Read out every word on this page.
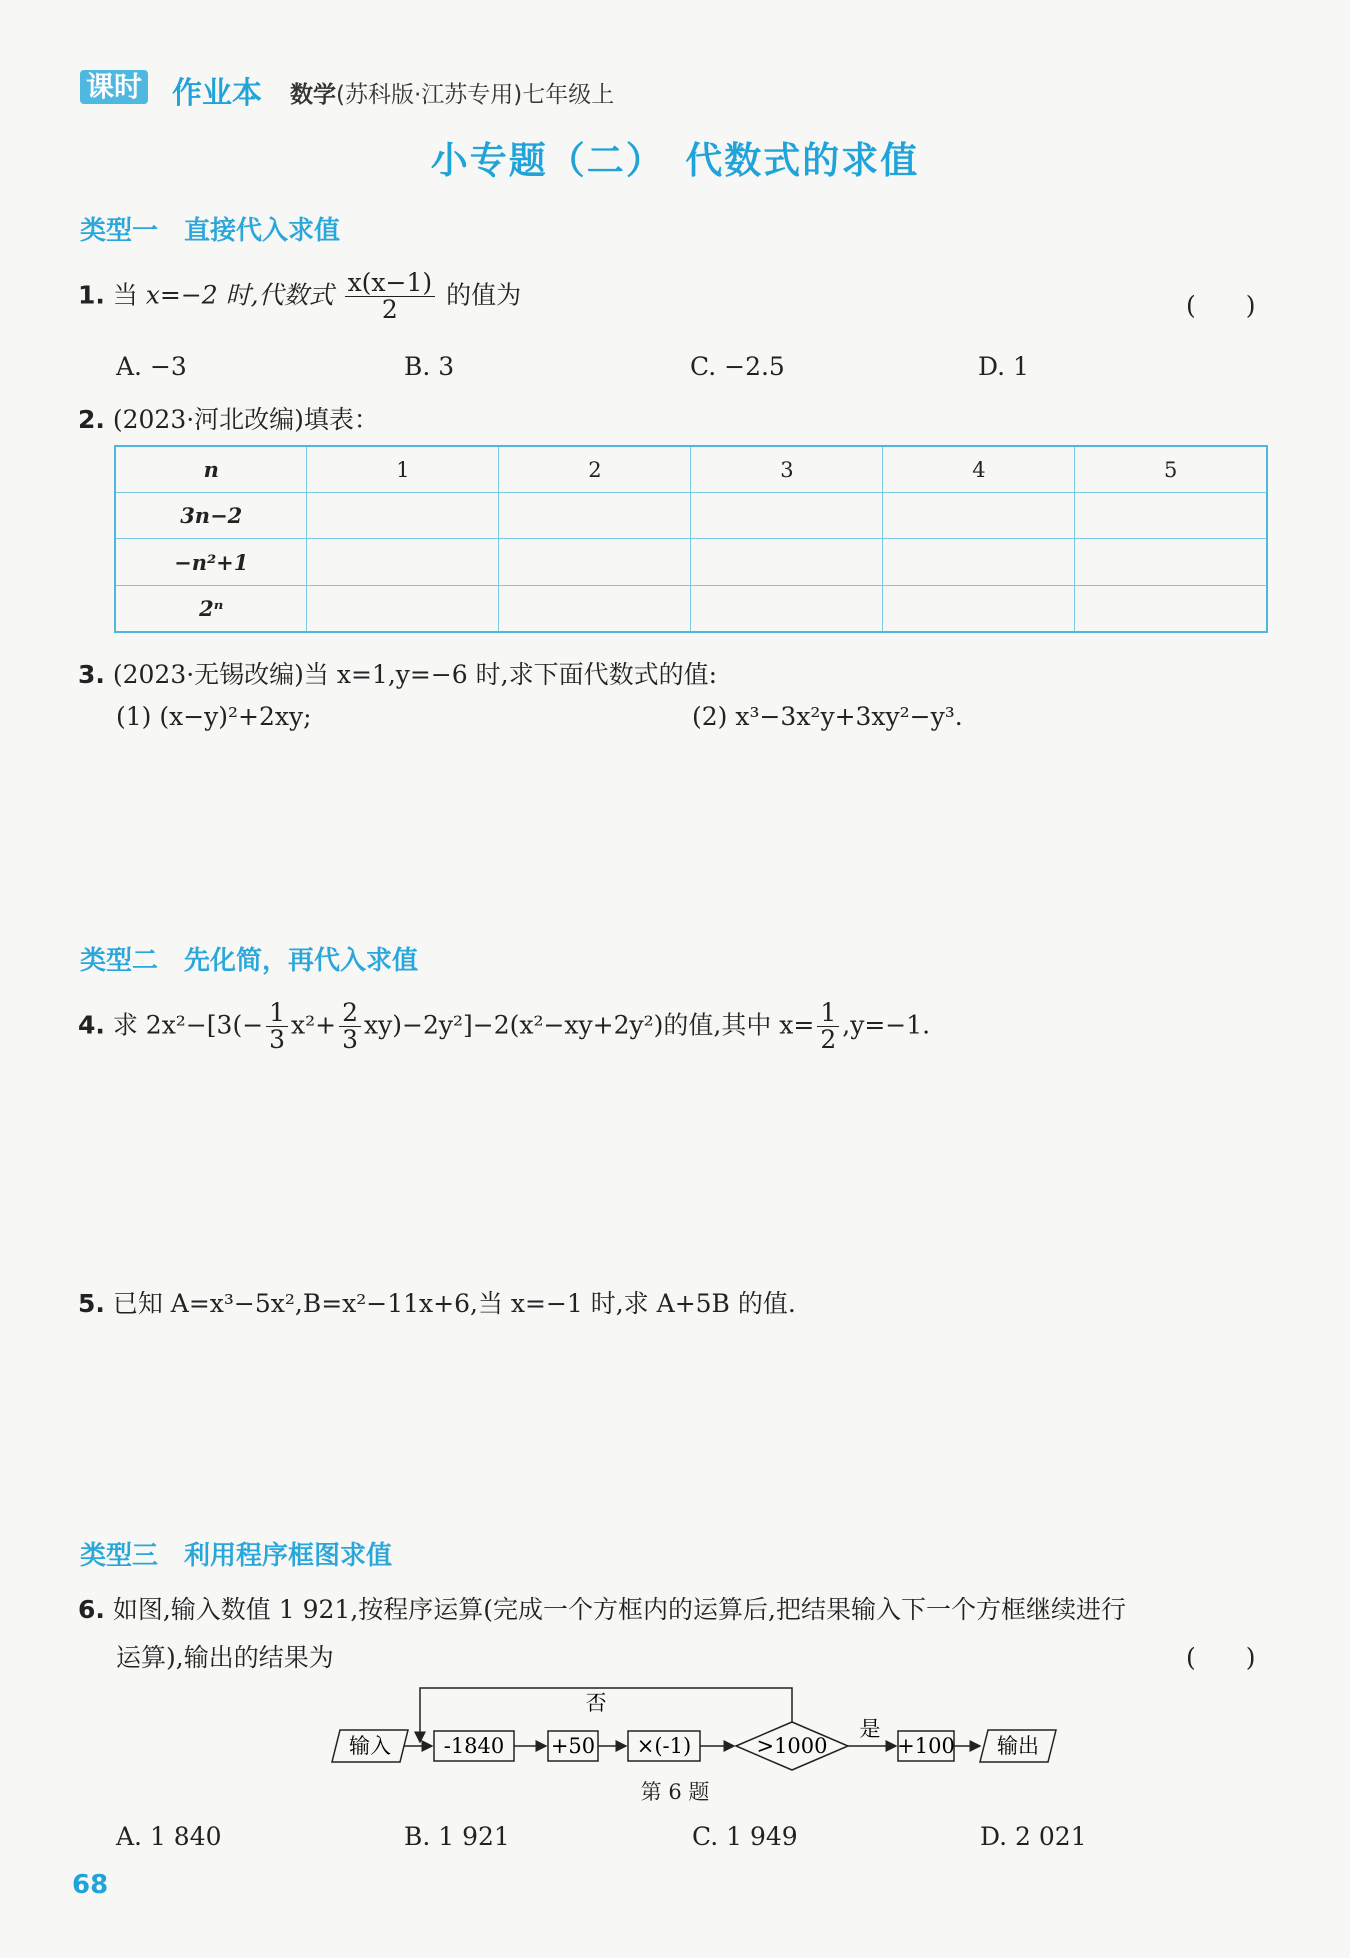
课时 作业本 数学(苏科版·江苏专用)七年级上
小专题（二）　代数式的求值
类型一　直接代入求值
1. 当 x=−2 时,代数式 $\frac{x(x-1)}{2}$ 的值为	(　　)
A. −3	B. 3	C. −2.5	D. 1
2. (2023·河北改编)填表：
n	1	2	3	4	5
3n−2					
−n²+1					
2ⁿ					
3. (2023·无锡改编)当 x=1,y=−6 时,求下面代数式的值:
(1) (x−y)²+2xy;	(2) x³−3x²y+3xy²−y³.
类型二　先化简，再代入求值
4. 求 $2x^2-[3(- \frac{1}{3} x^2+ \frac{2}{3} xy)-2y^2]-2(x^2-xy+2y^2)$的值,其中 $x= \frac{1}{2} ,y=-1$.
5. 已知 A=x³−5x²,B=x²−11x+6,当 x=−1 时,求 A+5B 的值.
类型三　利用程序框图求值
6. 如图,输入数值 1 921,按程序运算(完成一个方框内的运算后,把结果输入下一个方框继续进行
运算),输出的结果为	(　　)
输入	-1840 +50 ×(-1)	>1000
否
是
+100 输出
第 6 题
A. 1 840	B. 1 921	C. 1 949	D. 2 021
68
